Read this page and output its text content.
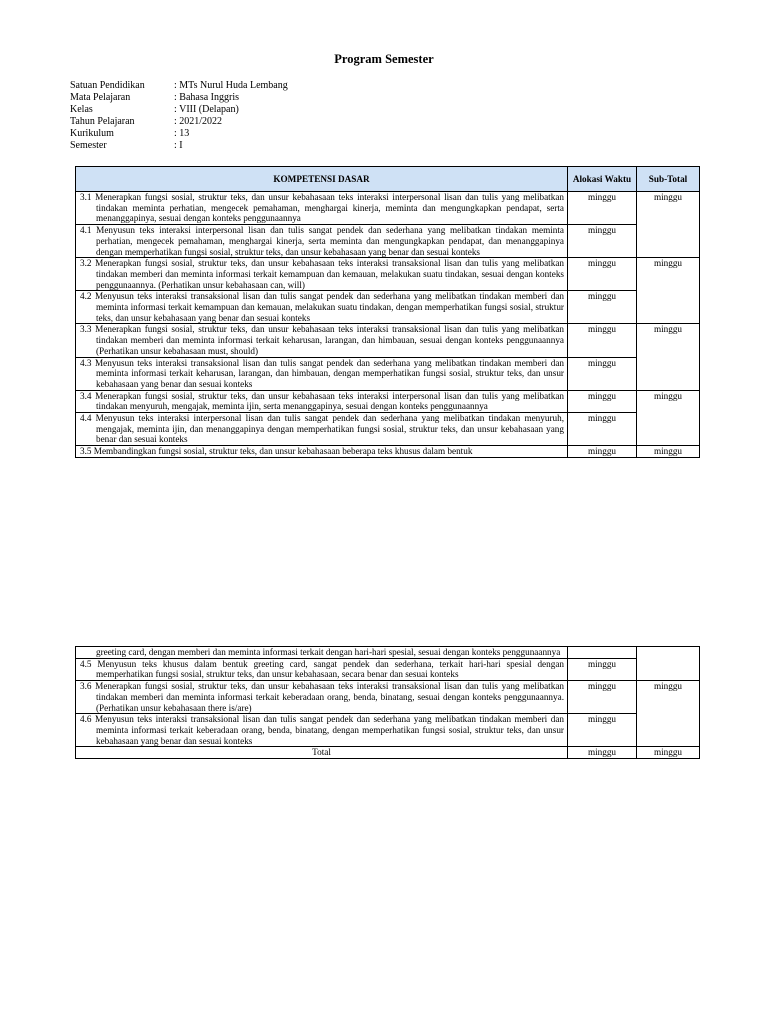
Program Semester
Satuan Pendidikan	: MTs Nurul Huda Lembang
Mata Pelajaran	: Bahasa Inggris
Kelas	: VIII (Delapan)
Tahun Pelajaran	: 2021/2022
Kurikulum	: 13
Semester	: I
KOMPETENSI DASAR	Alokasi Waktu	Sub-Total

3.1 Menerapkan fungsi sosial, struktur teks, dan unsur kebahasaan teks interaksi interpersonal lisan dan tulis yang melibatkan tindakan meminta perhatian, mengecek pemahaman, menghargai kinerja, meminta dan mengungkapkan pendapat, serta menanggapinya, sesuai dengan konteks penggunaannya	minggu	minggu

4.1 Menyusun teks interaksi interpersonal lisan dan tulis sangat pendek dan sederhana yang melibatkan tindakan meminta perhatian, mengecek pemahaman, menghargai kinerja, serta meminta dan mengungkapkan pendapat, dan menanggapinya dengan memperhatikan fungsi sosial, struktur teks, dan unsur kebahasaan yang benar dan sesuai konteks	minggu	

3.2 Menerapkan fungsi sosial, struktur teks, dan unsur kebahasaan teks interaksi transaksional lisan dan tulis yang melibatkan tindakan memberi dan meminta informasi terkait kemampuan dan kemauan, melakukan suatu tindakan, sesuai dengan konteks penggunaannya. (Perhatikan unsur kebahasaan can, will)	minggu	minggu

4.2 Menyusun teks interaksi transaksional lisan dan tulis sangat pendek dan sederhana yang melibatkan tindakan memberi dan meminta informasi terkait kemampuan dan kemauan, melakukan suatu tindakan, dengan memperhatikan fungsi sosial, struktur teks, dan unsur kebahasaan yang benar dan sesuai konteks	minggu	

3.3 Menerapkan fungsi sosial, struktur teks, dan unsur kebahasaan teks interaksi transaksional lisan dan tulis yang melibatkan tindakan memberi dan meminta informasi terkait keharusan, larangan, dan himbauan, sesuai dengan konteks penggunaannya (Perhatikan unsur kebahasaan must, should)	minggu	minggu

4.3 Menyusun teks interaksi transaksional lisan dan tulis sangat pendek dan sederhana yang melibatkan tindakan memberi dan meminta informasi terkait keharusan, larangan, dan himbauan, dengan memperhatikan fungsi sosial, struktur teks, dan unsur kebahasaan yang benar dan sesuai konteks	minggu	

3.4 Menerapkan fungsi sosial, struktur teks, dan unsur kebahasaan teks interaksi interpersonal lisan dan tulis yang melibatkan tindakan menyuruh, mengajak, meminta ijin, serta menanggapinya, sesuai dengan konteks penggunaannya	minggu	minggu

4.4 Menyusun teks interaksi interpersonal lisan dan tulis sangat pendek dan sederhana yang melibatkan tindakan menyuruh, mengajak, meminta ijin, dan menanggapinya dengan memperhatikan fungsi sosial, struktur teks, dan unsur kebahasaan yang benar dan sesuai konteks	minggu	

3.5 Membandingkan fungsi sosial, struktur teks, dan unsur kebahasaan beberapa teks khusus dalam bentuk	minggu	minggu
greeting card, dengan memberi dan meminta informasi terkait dengan hari-hari spesial, sesuai dengan konteks penggunaannya		

4.5 Menyusun teks khusus dalam bentuk greeting card, sangat pendek dan sederhana, terkait hari-hari spesial dengan memperhatikan fungsi sosial, struktur teks, dan unsur kebahasaan, secara benar dan sesuai konteks	minggu	

3.6 Menerapkan fungsi sosial, struktur teks, dan unsur kebahasaan teks interaksi transaksional lisan dan tulis yang melibatkan tindakan memberi dan meminta informasi terkait keberadaan orang, benda, binatang, sesuai dengan konteks penggunaannya. (Perhatikan unsur kebahasaan there is/are)	minggu	minggu

4.6 Menyusun teks interaksi transaksional lisan dan tulis sangat pendek dan sederhana yang melibatkan tindakan memberi dan meminta informasi terkait keberadaan orang, benda, binatang, dengan memperhatikan fungsi sosial, struktur teks, dan unsur kebahasaan yang benar dan sesuai konteks	minggu	
Total	minggu	minggu
